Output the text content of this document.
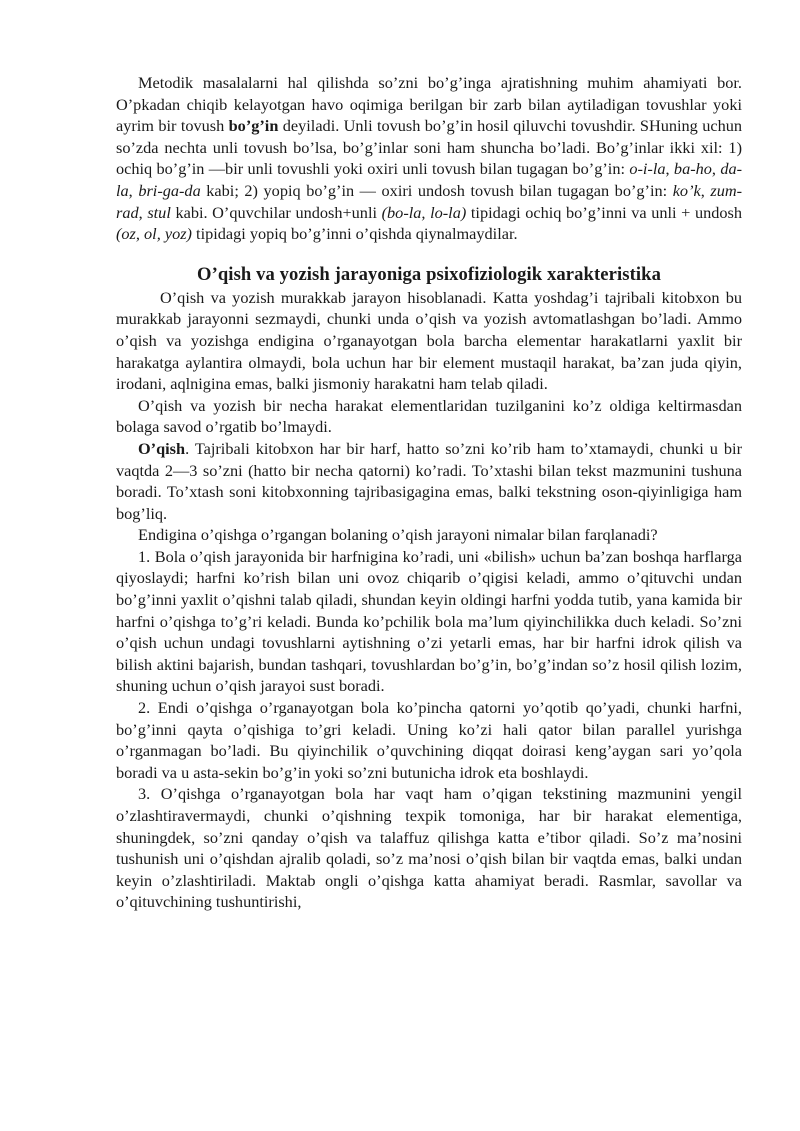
Metodik masalalarni hal qilishda so’zni bo’g’inga ajratishning muhim ahamiyati bor. O’pkadan chiqib kelayotgan havo oqimiga berilgan bir zarb bilan aytiladigan tovushlar yoki ayrim bir tovush bo’g’in deyiladi. Unli tovush bo’g’in hosil qiluvchi tovushdir. SHuning uchun so’zda nechta unli tovush bo’lsa, bo’g’inlar soni ham shuncha bo’ladi. Bo’g’inlar ikki xil: 1) ochiq bo’g’in —bir unli tovushli yoki oxiri unli tovush bilan tugagan bo’g’in: o-i-la, ba-ho, da-la, bri-ga-da kabi; 2) yopiq bo’g’in — oxiri undosh tovush bilan tugagan bo’g’in: ko’k, zum-rad, stul kabi. O’quvchilar undosh+unli (bo-la, lo-la) tipidagi ochiq bo’g’inni va unli + undosh (oz, ol, yoz) tipidagi yopiq bo’g’inni o’qishda qiynalmaydilar.

O’qish va yozish jarayoniga psixofiziologik xarakteristika

O’qish va yozish murakkab jarayon hisoblanadi. Katta yoshdag’i tajribali kitobxon bu murakkab jarayonni sezmaydi, chunki unda o’qish va yozish avtomatlashgan bo’ladi. Ammo o’qish va yozishga endigina o’rganayotgan bola barcha elementar harakatlarni yaxlit bir harakatga aylantira olmaydi, bola uchun har bir element mustaqil harakat, ba’zan juda qiyin, irodani, aqlnigina emas, balki jismoniy harakatni ham telab qiladi.

O’qish va yozish bir necha harakat elementlaridan tuzilganini ko’z oldiga keltirmasdan bolaga savod o’rgatib bo’lmaydi.

O’qish. Tajribali kitobxon har bir harf, hatto so’zni ko’rib ham to’xtamaydi, chunki u bir vaqtda 2—3 so’zni (hatto bir necha qatorni) ko’radi. To’xtashi bilan tekst mazmunini tushuna boradi. To’xtash soni kitobxonning tajribasigagina emas, balki tekstning oson-qiyinligiga ham bog’liq.

Endigina o’qishga o’rgangan bolaning o’qish jarayoni nimalar bilan farqlanadi?

1. Bola o’qish jarayonida bir harfnigina ko’radi, uni «bilish» uchun ba’zan boshqa harflarga qiyoslaydi; harfni ko’rish bilan uni ovoz chiqarib o’qigisi keladi, ammo o’qituvchi undan bo’g’inni yaxlit o’qishni talab qiladi, shundan keyin oldingi harfni yodda tutib, yana kamida bir harfni o’qishga to’g’ri keladi. Bunda ko’pchilik bola ma’lum qiyinchilikka duch keladi. So’zni o’qish uchun undagi tovushlarni aytishning o’zi yetarli emas, har bir harfni idrok qilish va bilish aktini bajarish, bundan tashqari, tovushlardan bo’g’in, bo’g’indan so’z hosil qilish lozim, shuning uchun o’qish jarayoi sust boradi.

2. Endi o’qishga o’rganayotgan bola ko’pincha qatorni yo’qotib qo’yadi, chunki harfni, bo’g’inni qayta o’qishiga to’gri keladi. Uning ko’zi hali qator bilan parallel yurishga o’rganmagan bo’ladi. Bu qiyinchilik o’quvchining diqqat doirasi keng’aygan sari yo’qola boradi va u asta-sekin bo’g’in yoki so’zni butunicha idrok eta boshlaydi.

3. O’qishga o’rganayotgan bola har vaqt ham o’qigan tekstining mazmunini yengil o’zlashtiravermaydi, chunki o’qishning texpik tomoniga, har bir harakat elementiga, shuningdek, so’zni qanday o’qish va talaffuz qilishga katta e’tibor qiladi. So’z ma’nosini tushunish uni o’qishdan ajralib qoladi, so’z ma’nosi o’qish bilan bir vaqtda emas, balki undan keyin o’zlashtiriladi. Maktab ongli o’qishga katta ahamiyat beradi. Rasmlar, savollar va o’qituvchining tushuntirishi,
